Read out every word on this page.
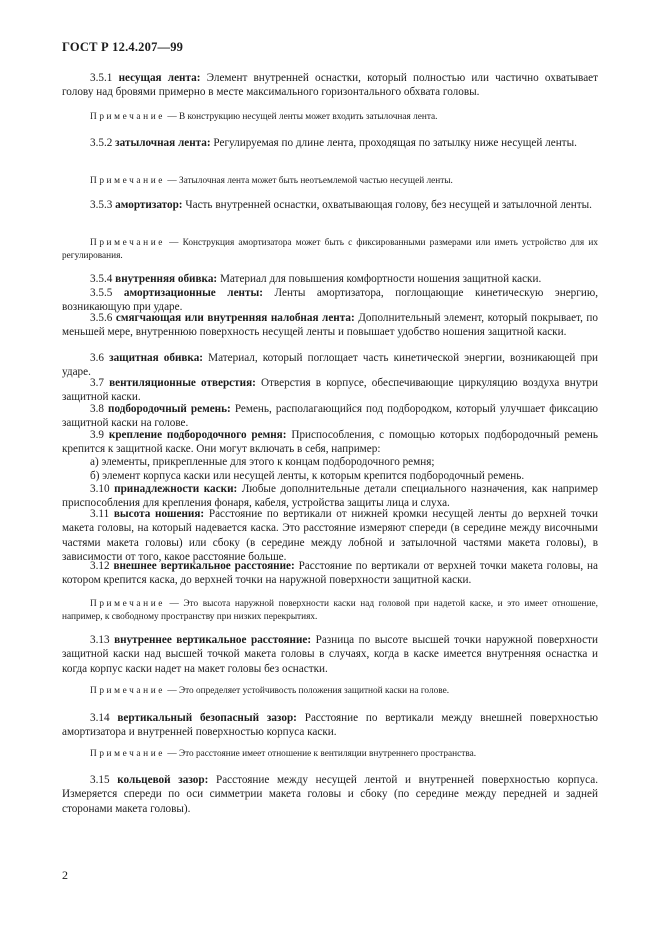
ГОСТ Р 12.4.207—99
3.5.1 несущая лента: Элемент внутренней оснастки, который полностью или частично охватывает голову над бровями примерно в месте максимального горизонтального обхвата головы.
Примечание — В конструкцию несущей ленты может входить затылочная лента.
3.5.2 затылочная лента: Регулируемая по длине лента, проходящая по затылку ниже несущей ленты.
Примечание — Затылочная лента может быть неотъемлемой частью несущей ленты.
3.5.3 амортизатор: Часть внутренней оснастки, охватывающая голову, без несущей и затылочной ленты.
Примечание — Конструкция амортизатора может быть с фиксированными размерами или иметь устройство для их регулирования.
3.5.4 внутренняя обивка: Материал для повышения комфортности ношения защитной каски.
3.5.5 амортизационные ленты: Ленты амортизатора, поглощающие кинетическую энергию, возникающую при ударе.
3.5.6 смягчающая или внутренняя налобная лента: Дополнительный элемент, который покрывает, по меньшей мере, внутреннюю поверхность несущей ленты и повышает удобство ношения защитной каски.
3.6 защитная обивка: Материал, который поглощает часть кинетической энергии, возникающей при ударе.
3.7 вентиляционные отверстия: Отверстия в корпусе, обеспечивающие циркуляцию воздуха внутри защитной каски.
3.8 подбородочный ремень: Ремень, располагающийся под подбородком, который улучшает фиксацию защитной каски на голове.
3.9 крепление подбородочного ремня: Приспособления, с помощью которых подбородочный ремень крепится к защитной каске. Они могут включать в себя, например:
а) элементы, прикрепленные для этого к концам подбородочного ремня;
б) элемент корпуса каски или несущей ленты, к которым крепится подбородочный ремень.
3.10 принадлежности каски: Любые дополнительные детали специального назначения, как например приспособления для крепления фонаря, кабеля, устройства защиты лица и слуха.
3.11 высота ношения: Расстояние по вертикали от нижней кромки несущей ленты до верхней точки макета головы, на который надевается каска. Это расстояние измеряют спереди (в середине между височными частями макета головы) или сбоку (в середине между лобной и затылочной частями макета головы), в зависимости от того, какое расстояние больше.
3.12 внешнее вертикальное расстояние: Расстояние по вертикали от верхней точки макета головы, на котором крепится каска, до верхней точки на наружной поверхности защитной каски.
Примечание — Это высота наружной поверхности каски над головой при надетой каске, и это имеет отношение, например, к свободному пространству при низких перекрытиях.
3.13 внутреннее вертикальное расстояние: Разница по высоте высшей точки наружной поверхности защитной каски над высшей точкой макета головы в случаях, когда в каске имеется внутренняя оснастка и когда корпус каски надет на макет головы без оснастки.
Примечание — Это определяет устойчивость положения защитной каски на голове.
3.14 вертикальный безопасный зазор: Расстояние по вертикали между внешней поверхностью амортизатора и внутренней поверхностью корпуса каски.
Примечание — Это расстояние имеет отношение к вентиляции внутреннего пространства.
3.15 кольцевой зазор: Расстояние между несущей лентой и внутренней поверхностью корпуса. Измеряется спереди по оси симметрии макета головы и сбоку (по середине между передней и задней сторонами макета головы).
2
